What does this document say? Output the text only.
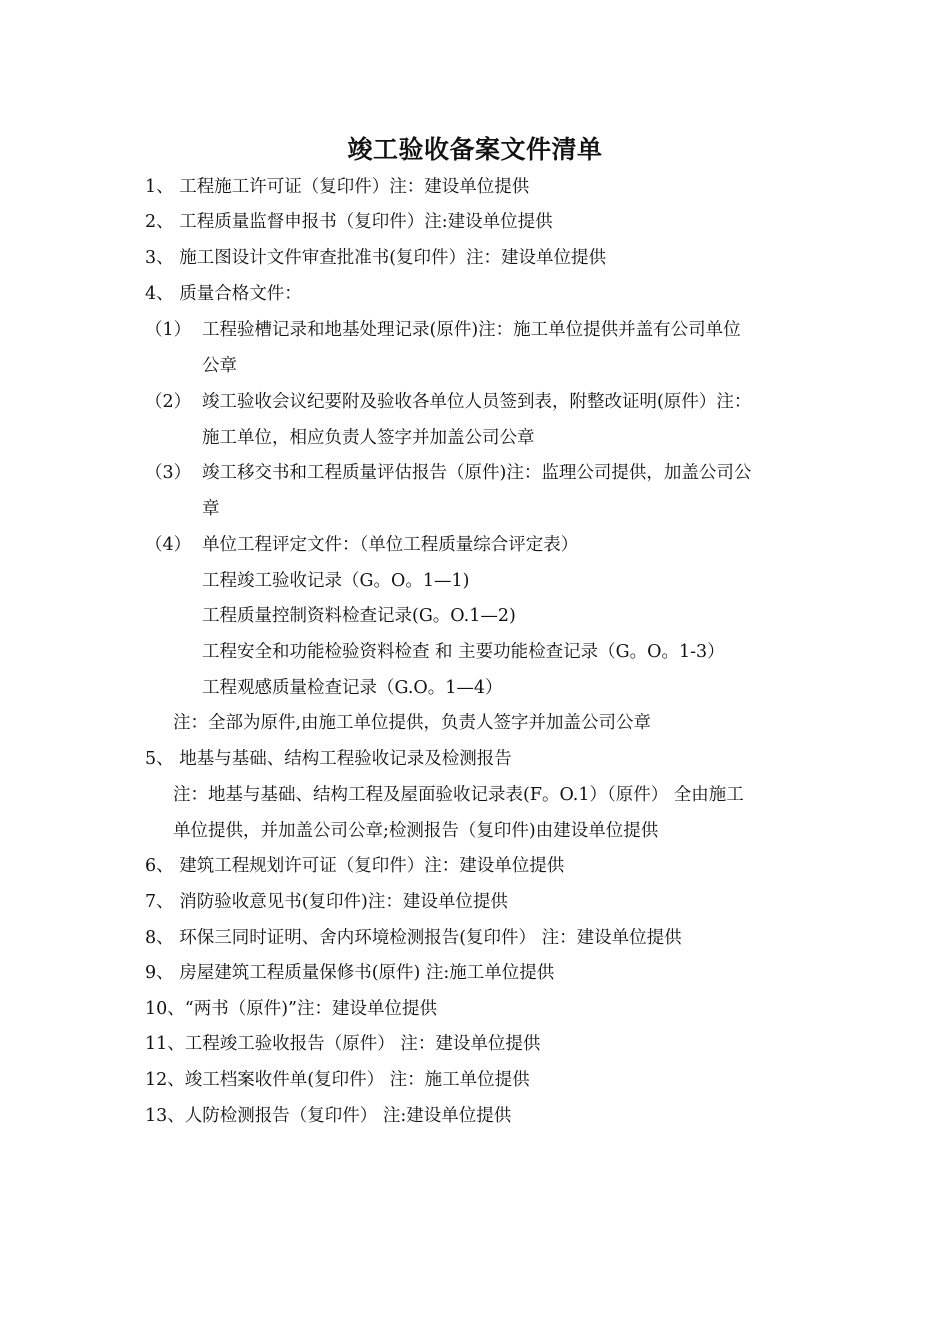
竣工验收备案文件清单
1、 工程施工许可证（复印件）注：建设单位提供
2、 工程质量监督申报书（复印件）注:建设单位提供
3、 施工图设计文件审查批准书(复印件）注：建设单位提供
4、 质量合格文件：
（1） 工程验槽记录和地基处理记录(原件)注：施工单位提供并盖有公司单位
公章
（2） 竣工验收会议纪要附及验收各单位人员签到表，附整改证明(原件）注：
施工单位，相应负责人签字并加盖公司公章
（3） 竣工移交书和工程质量评估报告（原件)注：监理公司提供，加盖公司公
章
（4） 单位工程评定文件：（单位工程质量综合评定表）
工程竣工验收记录（G。O。1—1)
工程质量控制资料检查记录(G。O.1—2)
工程安全和功能检验资料检查 和 主要功能检查记录（G。O。1-3）
工程观感质量检查记录（G.O。1—4）
注：全部为原件,由施工单位提供，负责人签字并加盖公司公章
5、 地基与基础、结构工程验收记录及检测报告
注：地基与基础、结构工程及屋面验收记录表(F。O.1）（原件） 全由施工
单位提供，并加盖公司公章;检测报告（复印件)由建设单位提供
6、 建筑工程规划许可证（复印件）注：建设单位提供
7、 消防验收意见书(复印件)注：建设单位提供
8、 环保三同时证明、舍内环境检测报告(复印件） 注：建设单位提供
9、 房屋建筑工程质量保修书(原件) 注:施工单位提供
10、“两书（原件)”注：建设单位提供
11、工程竣工验收报告（原件） 注：建设单位提供
12、竣工档案收件单(复印件） 注：施工单位提供
13、人防检测报告（复印件） 注:建设单位提供
